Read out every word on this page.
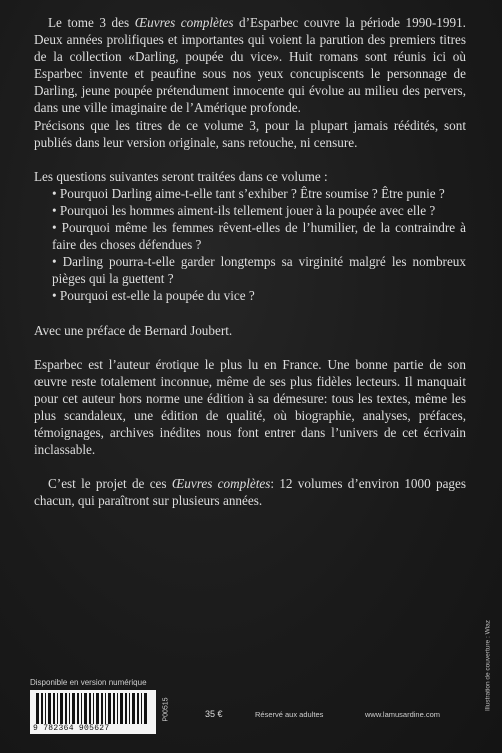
Le tome 3 des Œuvres complètes d’Esparbec couvre la période 1990-1991. Deux années prolifiques et importantes qui voient la parution des premiers titres de la collection «Darling, poupée du vice». Huit romans sont réunis ici où Esparbec invente et peaufine sous nos yeux concupiscents le personnage de Darling, jeune poupée prétendument innocente qui évolue au milieu des pervers, dans une ville imaginaire de l’Amérique profonde.

Précisons que les titres de ce volume 3, pour la plupart jamais réédités, sont publiés dans leur version originale, sans retouche, ni censure.

Les questions suivantes seront traitées dans ce volume :

• Pourquoi Darling aime-t-elle tant s’exhiber ? Être soumise ? Être punie ?
• Pourquoi les hommes aiment-ils tellement jouer à la poupée avec elle ?
• Pourquoi même les femmes rêvent-elles de l’humilier, de la contraindre à faire des choses défendues ?
• Darling pourra-t-elle garder longtemps sa virginité malgré les nombreux pièges qui la guettent ?
• Pourquoi est-elle la poupée du vice ?

Avec une préface de Bernard Joubert.

Esparbec est l’auteur érotique le plus lu en France. Une bonne partie de son œuvre reste totalement inconnue, même de ses plus fidèles lecteurs. Il manquait pour cet auteur hors norme une édition à sa démesure: tous les textes, même les plus scandaleux, une édition de qualité, où biographie, analyses, préfaces, témoignages, archives inédites nous font entrer dans l’univers de cet écrivain inclassable.

C’est le projet de ces Œuvres complètes: 12 volumes d’environ 1000 pages chacun, qui paraîtront sur plusieurs années.

Disponible en version numérique
9 782364 905627
P00515	35 €	Réservé aux adultes	www.lamusardine.com
Illustration de couverture : Wiaz
